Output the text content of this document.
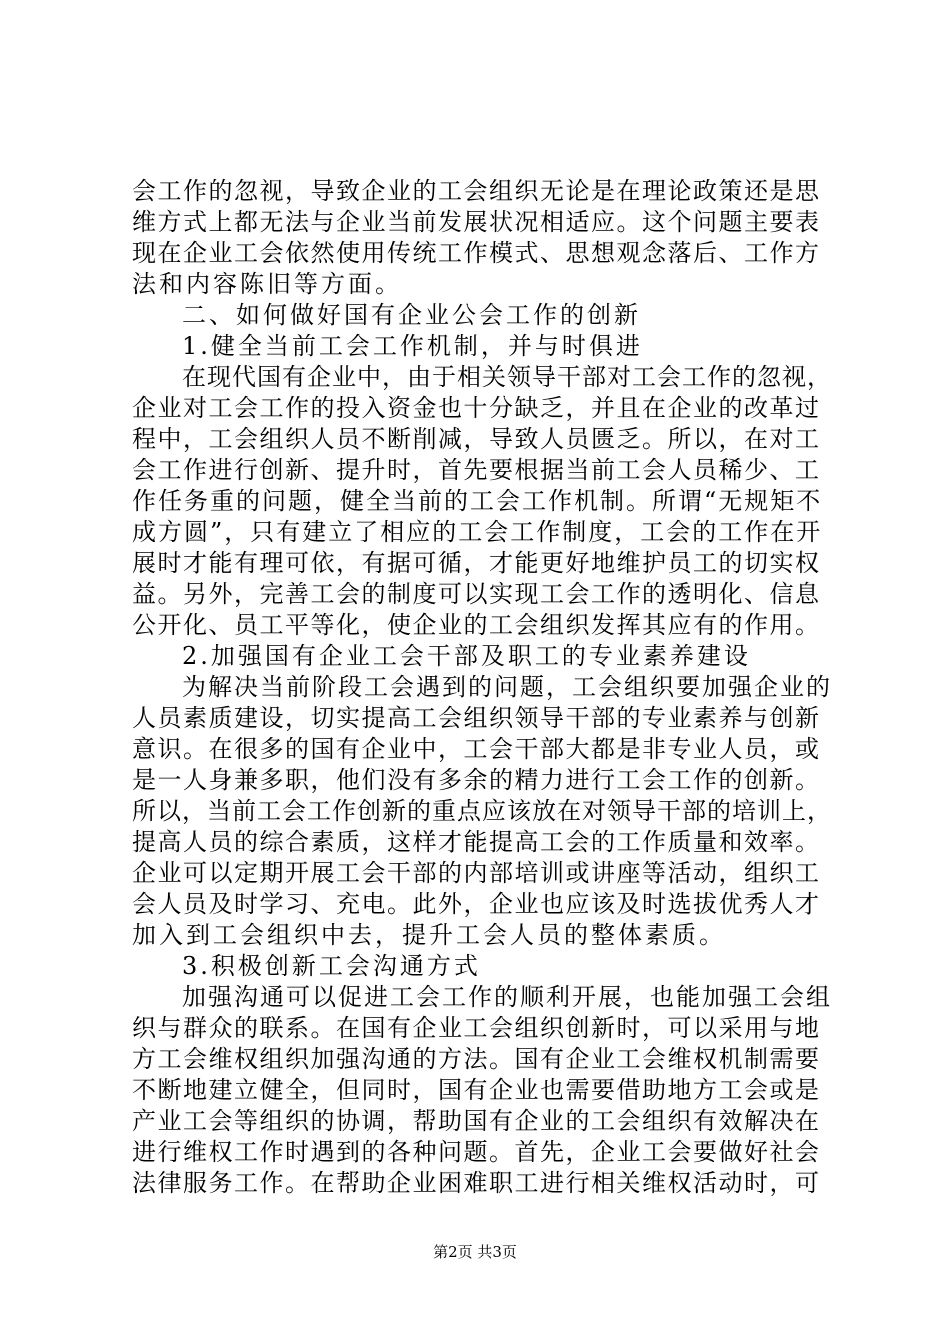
会工作的忽视，导致企业的工会组织无论是在理论政策还是思
维方式上都无法与企业当前发展状况相适应。这个问题主要表
现在企业工会依然使用传统工作模式、思想观念落后、工作方
法和内容陈旧等方面。
二、如何做好国有企业公会工作的创新
1.健全当前工会工作机制，并与时俱进
在现代国有企业中，由于相关领导干部对工会工作的忽视，
企业对工会工作的投入资金也十分缺乏，并且在企业的改革过
程中，工会组织人员不断削减，导致人员匮乏。所以，在对工
会工作进行创新、提升时，首先要根据当前工会人员稀少、工
作任务重的问题，健全当前的工会工作机制。所谓“无规矩不
成方圆”，只有建立了相应的工会工作制度，工会的工作在开
展时才能有理可依，有据可循，才能更好地维护员工的切实权
益。另外，完善工会的制度可以实现工会工作的透明化、信息
公开化、员工平等化，使企业的工会组织发挥其应有的作用。
2.加强国有企业工会干部及职工的专业素养建设
为解决当前阶段工会遇到的问题，工会组织要加强企业的
人员素质建设，切实提高工会组织领导干部的专业素养与创新
意识。在很多的国有企业中，工会干部大都是非专业人员，或
是一人身兼多职，他们没有多余的精力进行工会工作的创新。
所以，当前工会工作创新的重点应该放在对领导干部的培训上，
提高人员的综合素质，这样才能提高工会的工作质量和效率。
企业可以定期开展工会干部的内部培训或讲座等活动，组织工
会人员及时学习、充电。此外，企业也应该及时选拔优秀人才
加入到工会组织中去，提升工会人员的整体素质。
3.积极创新工会沟通方式
加强沟通可以促进工会工作的顺利开展，也能加强工会组
织与群众的联系。在国有企业工会组织创新时，可以采用与地
方工会维权组织加强沟通的方法。国有企业工会维权机制需要
不断地建立健全，但同时，国有企业也需要借助地方工会或是
产业工会等组织的协调，帮助国有企业的工会组织有效解决在
进行维权工作时遇到的各种问题。首先，企业工会要做好社会
法律服务工作。在帮助企业困难职工进行相关维权活动时，可
第2页 共3页
